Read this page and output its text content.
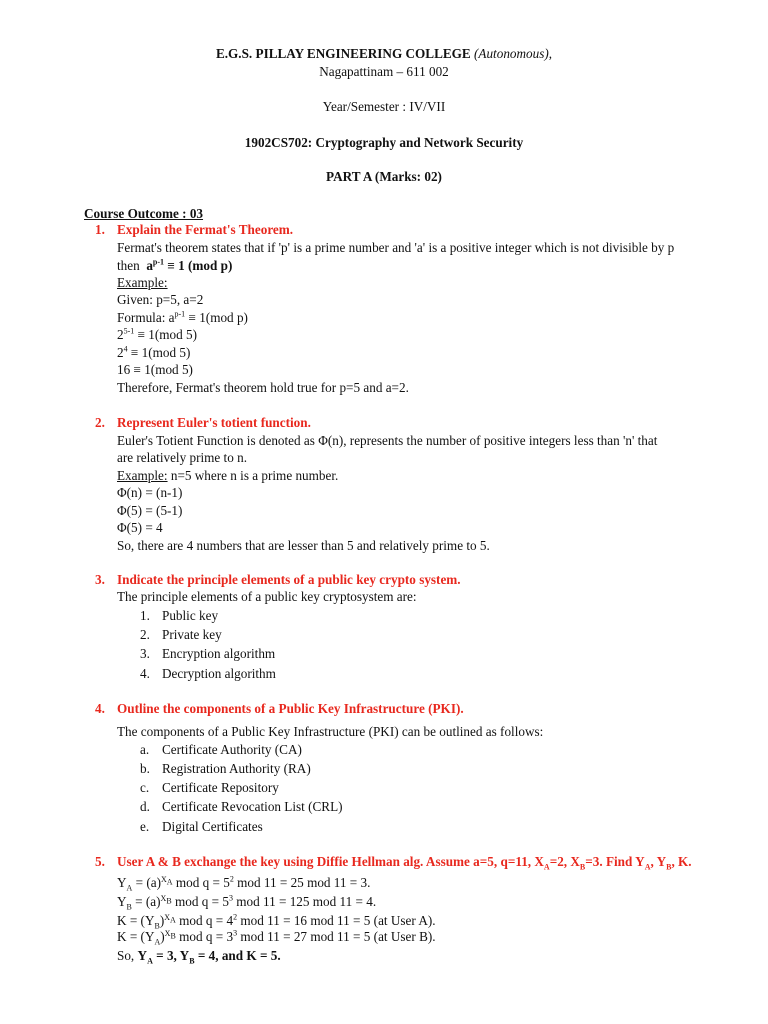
E.G.S. PILLAY ENGINEERING COLLEGE (Autonomous),
Nagapattinam – 611 002
Year/Semester : IV/VII
1902CS702: Cryptography and Network Security
PART A (Marks: 02)
Course Outcome : 03
1. Explain the Fermat's Theorem.
Fermat's theorem states that if 'p' is a prime number and 'a' is a positive integer which is not divisible by p
then $a^{p-1} \equiv 1$ (mod p)
Example:
Given: p=5, a=2
Formula: $a^{p-1} \equiv 1(mod$ p)
$2^{5-1} \equiv 1(mod$ 5)
$2^4 \equiv 1(mod$ 5)
16 ≡ 1(mod 5)
Therefore, Fermat's theorem hold true for p=5 and a=2.
2. Represent Euler's totient function.
Euler's Totient Function is denoted as Φ(n), represents the number of positive integers less than 'n' that
are relatively prime to n.
Example: n=5 where n is a prime number.
Φ(n) = (n-1)
Φ(5) = (5-1)
Φ(5) = 4
So, there are 4 numbers that are lesser than 5 and relatively prime to 5.
3. Indicate the principle elements of a public key crypto system.
The principle elements of a public key cryptosystem are:
1. Public key
2. Private key
3. Encryption algorithm
4. Decryption algorithm
4. Outline the components of a Public Key Infrastructure (PKI).
The components of a Public Key Infrastructure (PKI) can be outlined as follows:
a. Certificate Authority (CA)
b. Registration Authority (RA)
c. Certificate Repository
d. Certificate Revocation List (CRL)
e. Digital Certificates
5. User A & B exchange the key using Diffie Hellman alg. Assume a=5, q=11, $X_A=2$, $X_B=3$. Find $Y_A$, $Y_B$, K.
$Y_A = (a)^{X_A}$ mod $q = 5^2$ mod 11 = 25 mod 11 = 3.
$Y_B = (a)^{X_B}$ mod $q = 5^3$ mod 11 = 125 mod 11 = 4.
$K = (Y_B)^{X_A}$ mod $q = 4^2$ mod 11 = 16 mod 11 = 5 (at User A).
$K = (Y_A)^{X_B}$ mod $q = 3^3$ mod 11 = 27 mod 11 = 5 (at User B).
So, $Y_A = 3$, $Y_B = 4$, and K = 5.
